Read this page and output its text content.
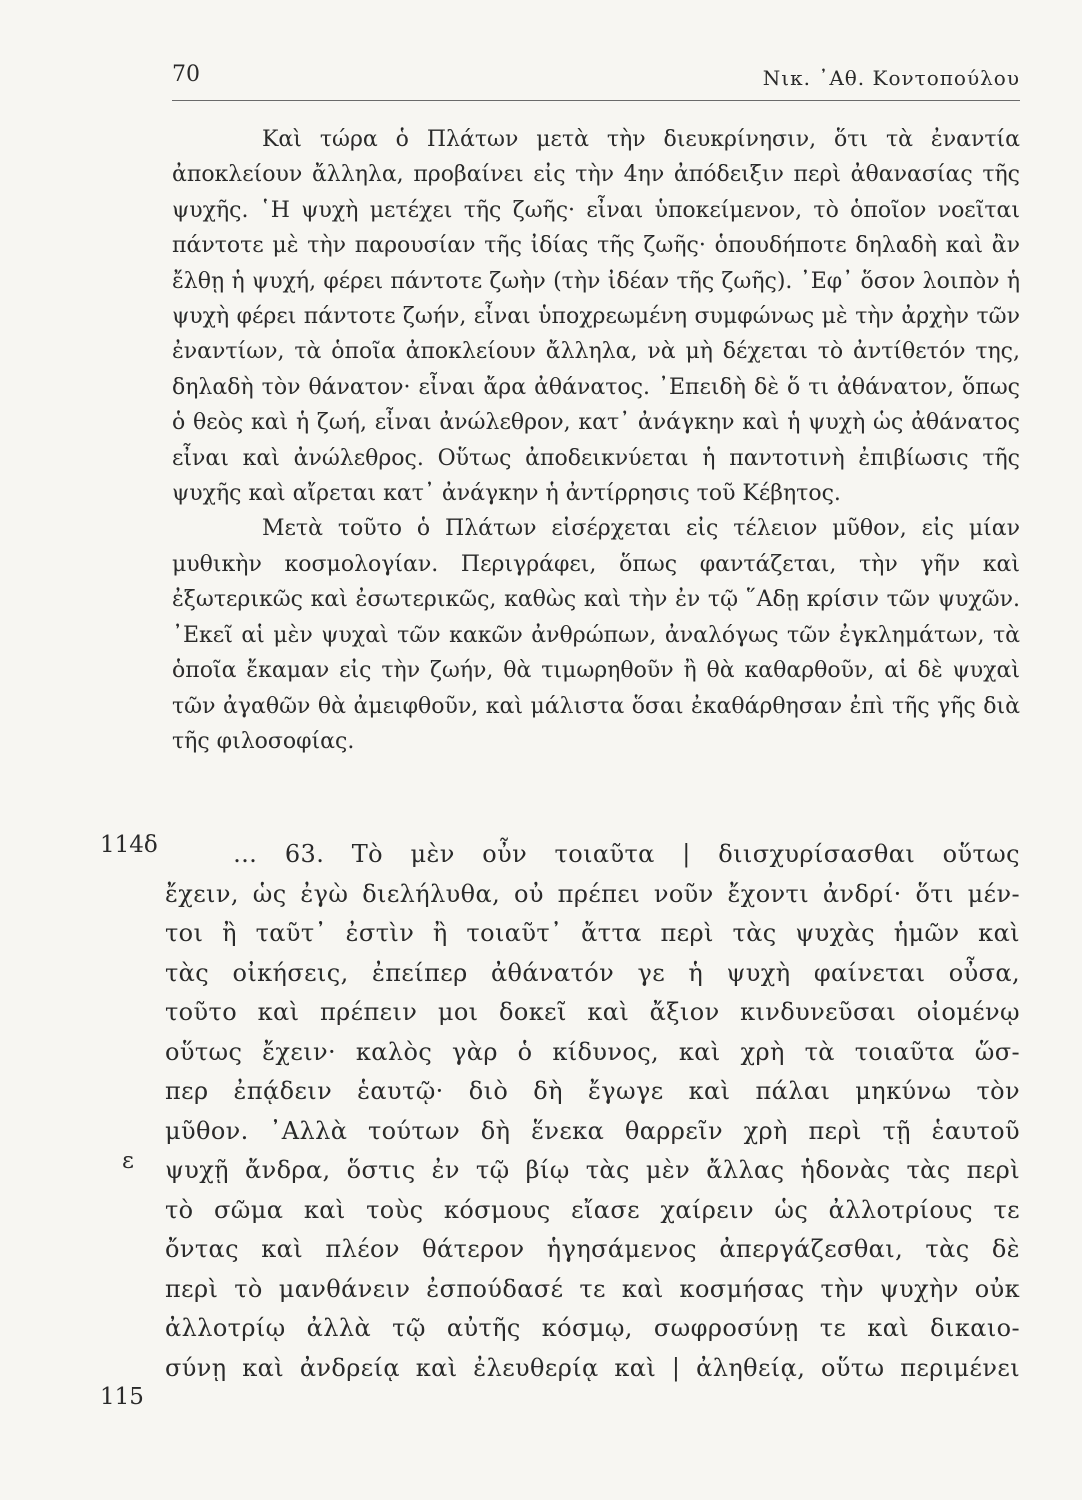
70	Νικ. ᾿Αθ. Κοντοπούλου

Καὶ τώρα ὁ Πλάτων μετὰ τὴν διευκρίνησιν, ὅτι τὰ ἐναντία ἀποκλείουν ἄλληλα, προβαίνει εἰς τὴν 4ην ἀπόδειξιν περὶ ἀθανασίας τῆς ψυχῆς. ῾Η ψυχὴ μετέχει τῆς ζωῆς· εἶναι ὑποκείμενον, τὸ ὁποῖον νοεῖται πάντοτε μὲ τὴν παρουσίαν τῆς ἰδίας τῆς ζωῆς· ὁπουδήποτε δηλαδὴ καὶ ἂν ἔλθῃ ἡ ψυχή, φέρει πάντοτε ζωὴν (τὴν ἰδέαν τῆς ζωῆς). ᾿Εφ᾿ ὅσον λοιπὸν ἡ ψυχὴ φέρει πάντοτε ζωήν, εἶναι ὑποχρεωμένη συμφώνως μὲ τὴν ἀρχὴν τῶν ἐναντίων, τὰ ὁποῖα ἀποκλείουν ἄλληλα, νὰ μὴ δέχεται τὸ ἀντίθετόν της, δηλαδὴ τὸν θάνατον· εἶναι ἄρα ἀθάνατος. ᾿Επειδὴ δὲ ὅ τι ἀθάνατον, ὅπως ὁ θεὸς καὶ ἡ ζωή, εἶναι ἀνώλεθρον, κατ᾿ ἀνάγκην καὶ ἡ ψυχὴ ὡς ἀθάνατος εἶναι καὶ ἀνώλεθρος. Οὕτως ἀποδεικνύεται ἡ παντοτινὴ ἐπιβίωσις τῆς ψυχῆς καὶ αἴρεται κατ᾿ ἀνάγκην ἡ ἀντίρρησις τοῦ Κέβητος.

Μετὰ τοῦτο ὁ Πλάτων εἰσέρχεται εἰς τέλειον μῦθον, εἰς μίαν μυθικὴν κοσμολογίαν. Περιγράφει, ὅπως φαντάζεται, τὴν γῆν καὶ ἐξωτερικῶς καὶ ἐσωτερικῶς, καθὼς καὶ τὴν ἐν τῷ ῞Αδῃ κρίσιν τῶν ψυχῶν. ᾿Εκεῖ αἱ μὲν ψυχαὶ τῶν κακῶν ἀνθρώπων, ἀναλόγως τῶν ἐγκλημάτων, τὰ ὁποῖα ἔκαμαν εἰς τὴν ζωήν, θὰ τιμωρηθοῦν ἢ θὰ καθαρθοῦν, αἱ δὲ ψυχαὶ τῶν ἀγαθῶν θὰ ἀμειφθοῦν, καὶ μάλιστα ὅσαι ἐκαθάρθησαν ἐπὶ τῆς γῆς διὰ τῆς φιλοσοφίας.

114δ
ε
115
… 63. Τὸ μὲν οὖν τοιαῦτα | διισχυρίσασθαι οὕτως
ἔχειν, ὡς ἐγὼ διελήλυθα, οὐ πρέπει νοῦν ἔχοντι ἀνδρί· ὅτι μέν-
τοι ἢ ταῦτ᾿ ἐστὶν ἢ τοιαῦτ᾿ ἄττα περὶ τὰς ψυχὰς ἡμῶν καὶ
τὰς οἰκήσεις, ἐπείπερ ἀθάνατόν γε ἡ ψυχὴ φαίνεται οὖσα,
τοῦτο καὶ πρέπειν μοι δοκεῖ καὶ ἄξιον κινδυνεῦσαι οἰομένῳ
οὕτως ἔχειν· καλὸς γὰρ ὁ κίδυνος, καὶ χρὴ τὰ τοιαῦτα ὥσ-
περ ἐπᾴδειν ἑαυτῷ· διὸ δὴ ἔγωγε καὶ πάλαι μηκύνω τὸν
μῦθον. ᾿Αλλὰ τούτων δὴ ἕνεκα θαρρεῖν χρὴ περὶ τῇ ἑαυτοῦ
ψυχῇ ἄνδρα, ὅστις ἐν τῷ βίῳ τὰς μὲν ἄλλας ἡδονὰς τὰς περὶ
τὸ σῶμα καὶ τοὺς κόσμους εἴασε χαίρειν ὡς ἀλλοτρίους τε
ὄντας καὶ πλέον θάτερον ἡγησάμενος ἀπεργάζεσθαι, τὰς δὲ
περὶ τὸ μανθάνειν ἐσπούδασέ τε καὶ κοσμήσας τὴν ψυχὴν οὐκ
ἀλλοτρίῳ ἀλλὰ τῷ αὐτῆς κόσμῳ, σωφροσύνῃ τε καὶ δικαιο-
σύνῃ καὶ ἀνδρείᾳ καὶ ἐλευθερίᾳ καὶ | ἀληθείᾳ, οὕτω περιμένει
